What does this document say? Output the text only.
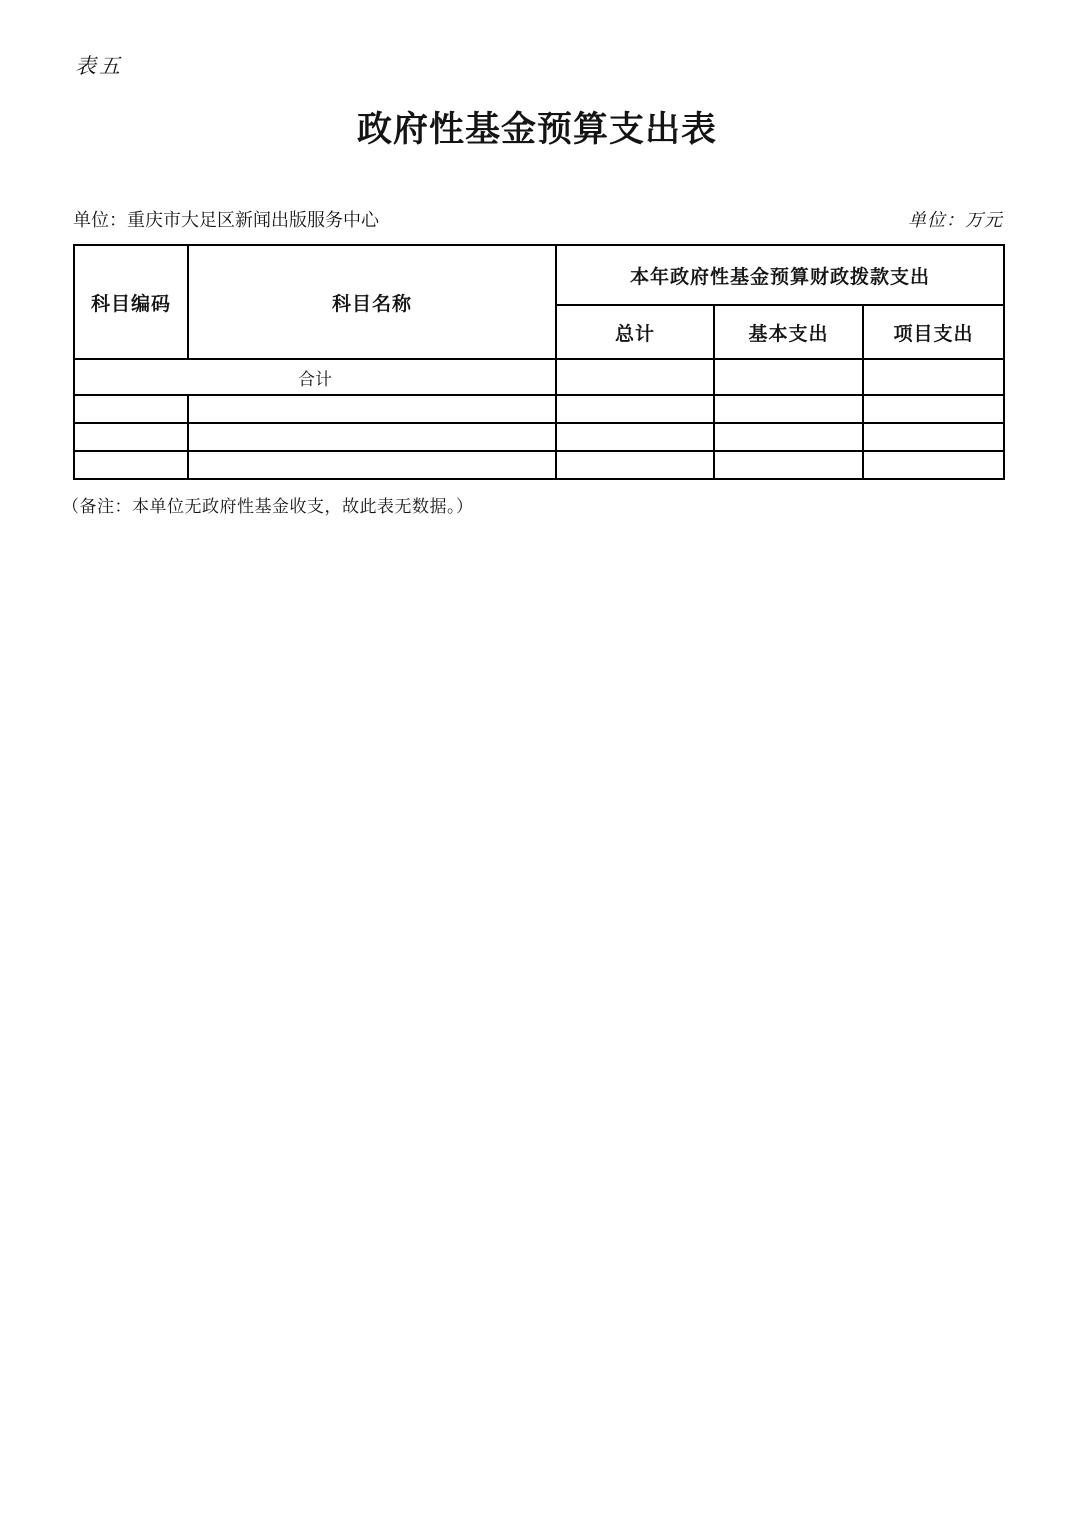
表五
政府性基金预算支出表
单位：重庆市大足区新闻出版服务中心	单位：万元
科目编码	科目名称	本年政府性基金预算财政拨款支出		
		总计	基本支出	项目支出
合计				

（备注：本单位无政府性基金收支，故此表无数据。）
